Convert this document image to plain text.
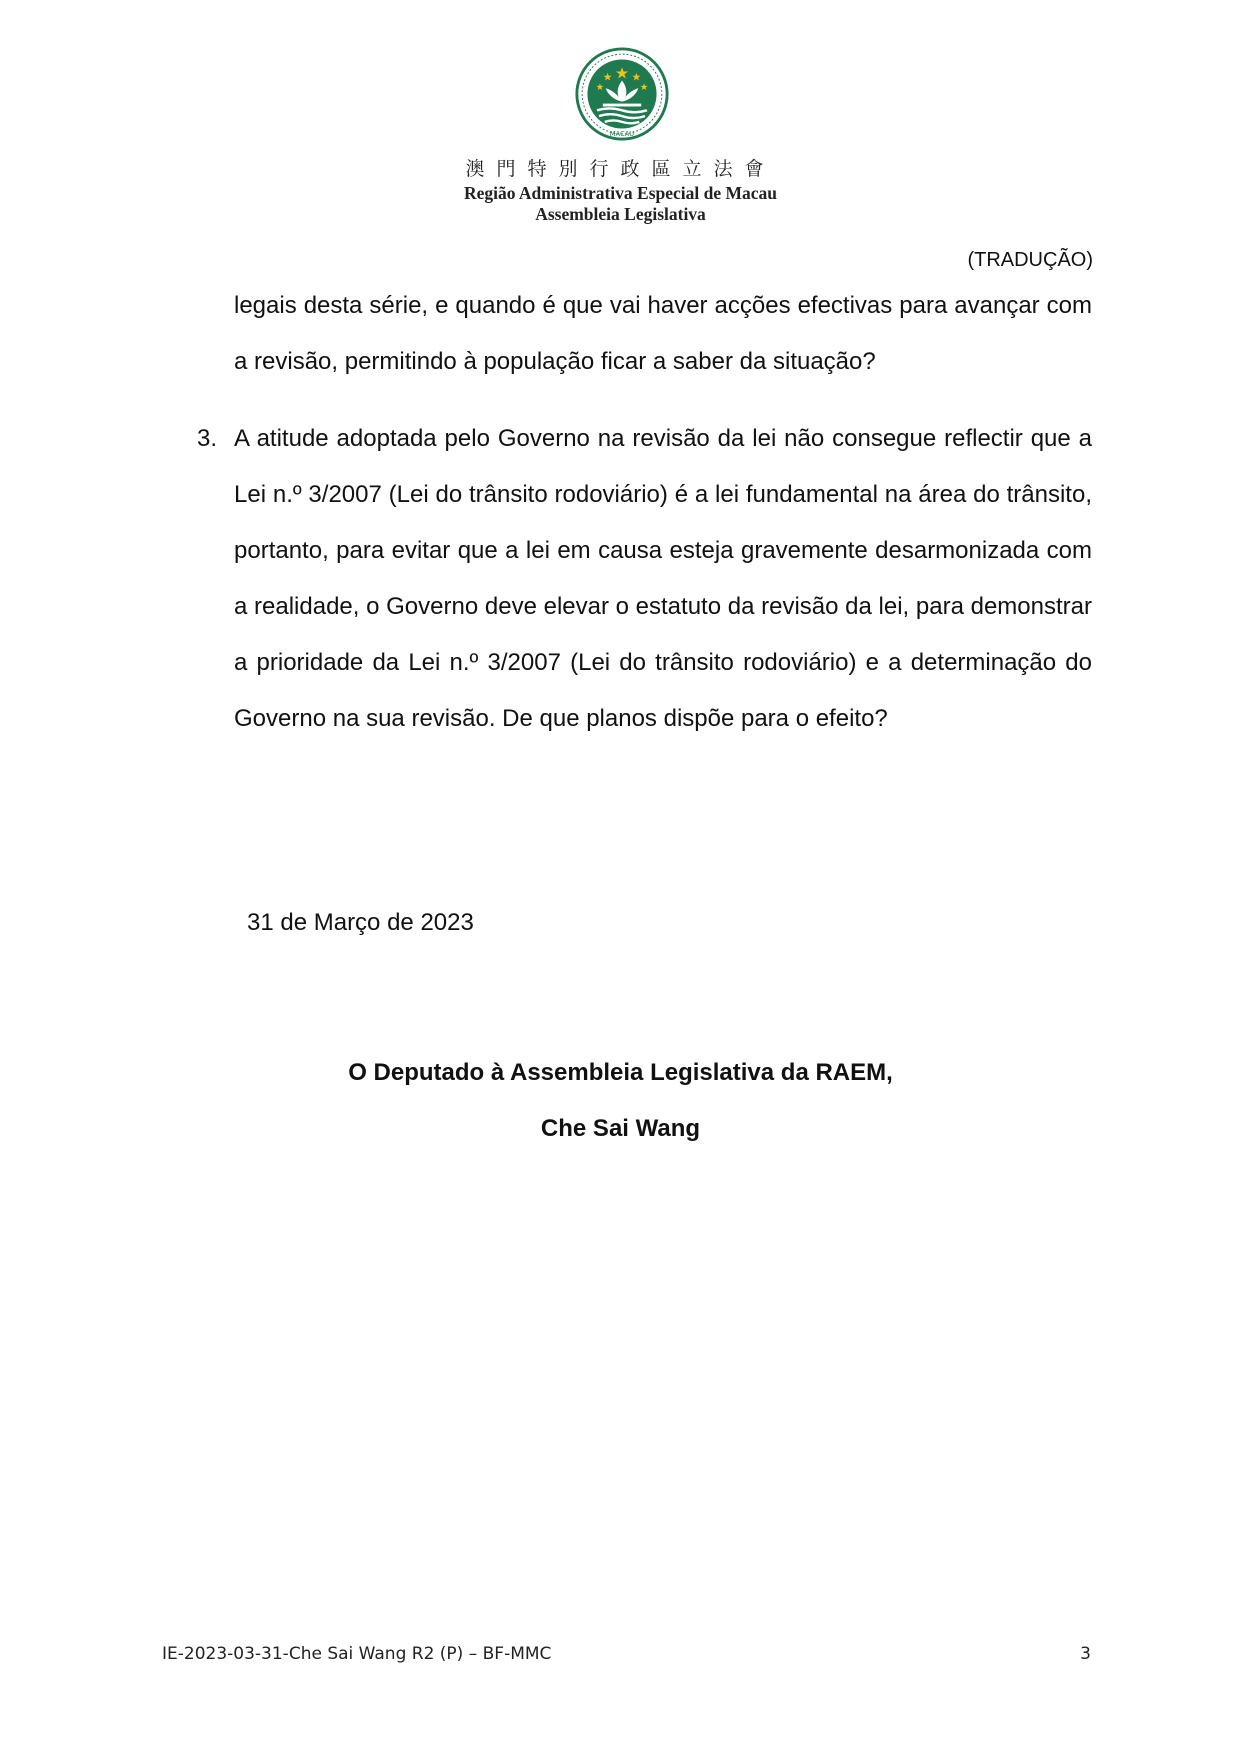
MACAU
澳門特別行政區立法會
Região Administrativa Especial de Macau
Assembleia Legislativa
(TRADUÇÃO)
legais desta série, e quando é que vai haver acções efectivas para avançar com a revisão, permitindo à população ficar a saber da situação?
3. A atitude adoptada pelo Governo na revisão da lei não consegue reflectir que a Lei n.º 3/2007 (Lei do trânsito rodoviário) é a lei fundamental na área do trânsito, portanto, para evitar que a lei em causa esteja gravemente desarmonizada com a realidade, o Governo deve elevar o estatuto da revisão da lei, para demonstrar a prioridade da Lei n.º 3/2007 (Lei do trânsito rodoviário) e a determinação do Governo na sua revisão. De que planos dispõe para o efeito?
31 de Março de 2023
O Deputado à Assembleia Legislativa da RAEM,
Che Sai Wang
IE-2023-03-31-Che Sai Wang R2 (P) – BF-MMC	3
